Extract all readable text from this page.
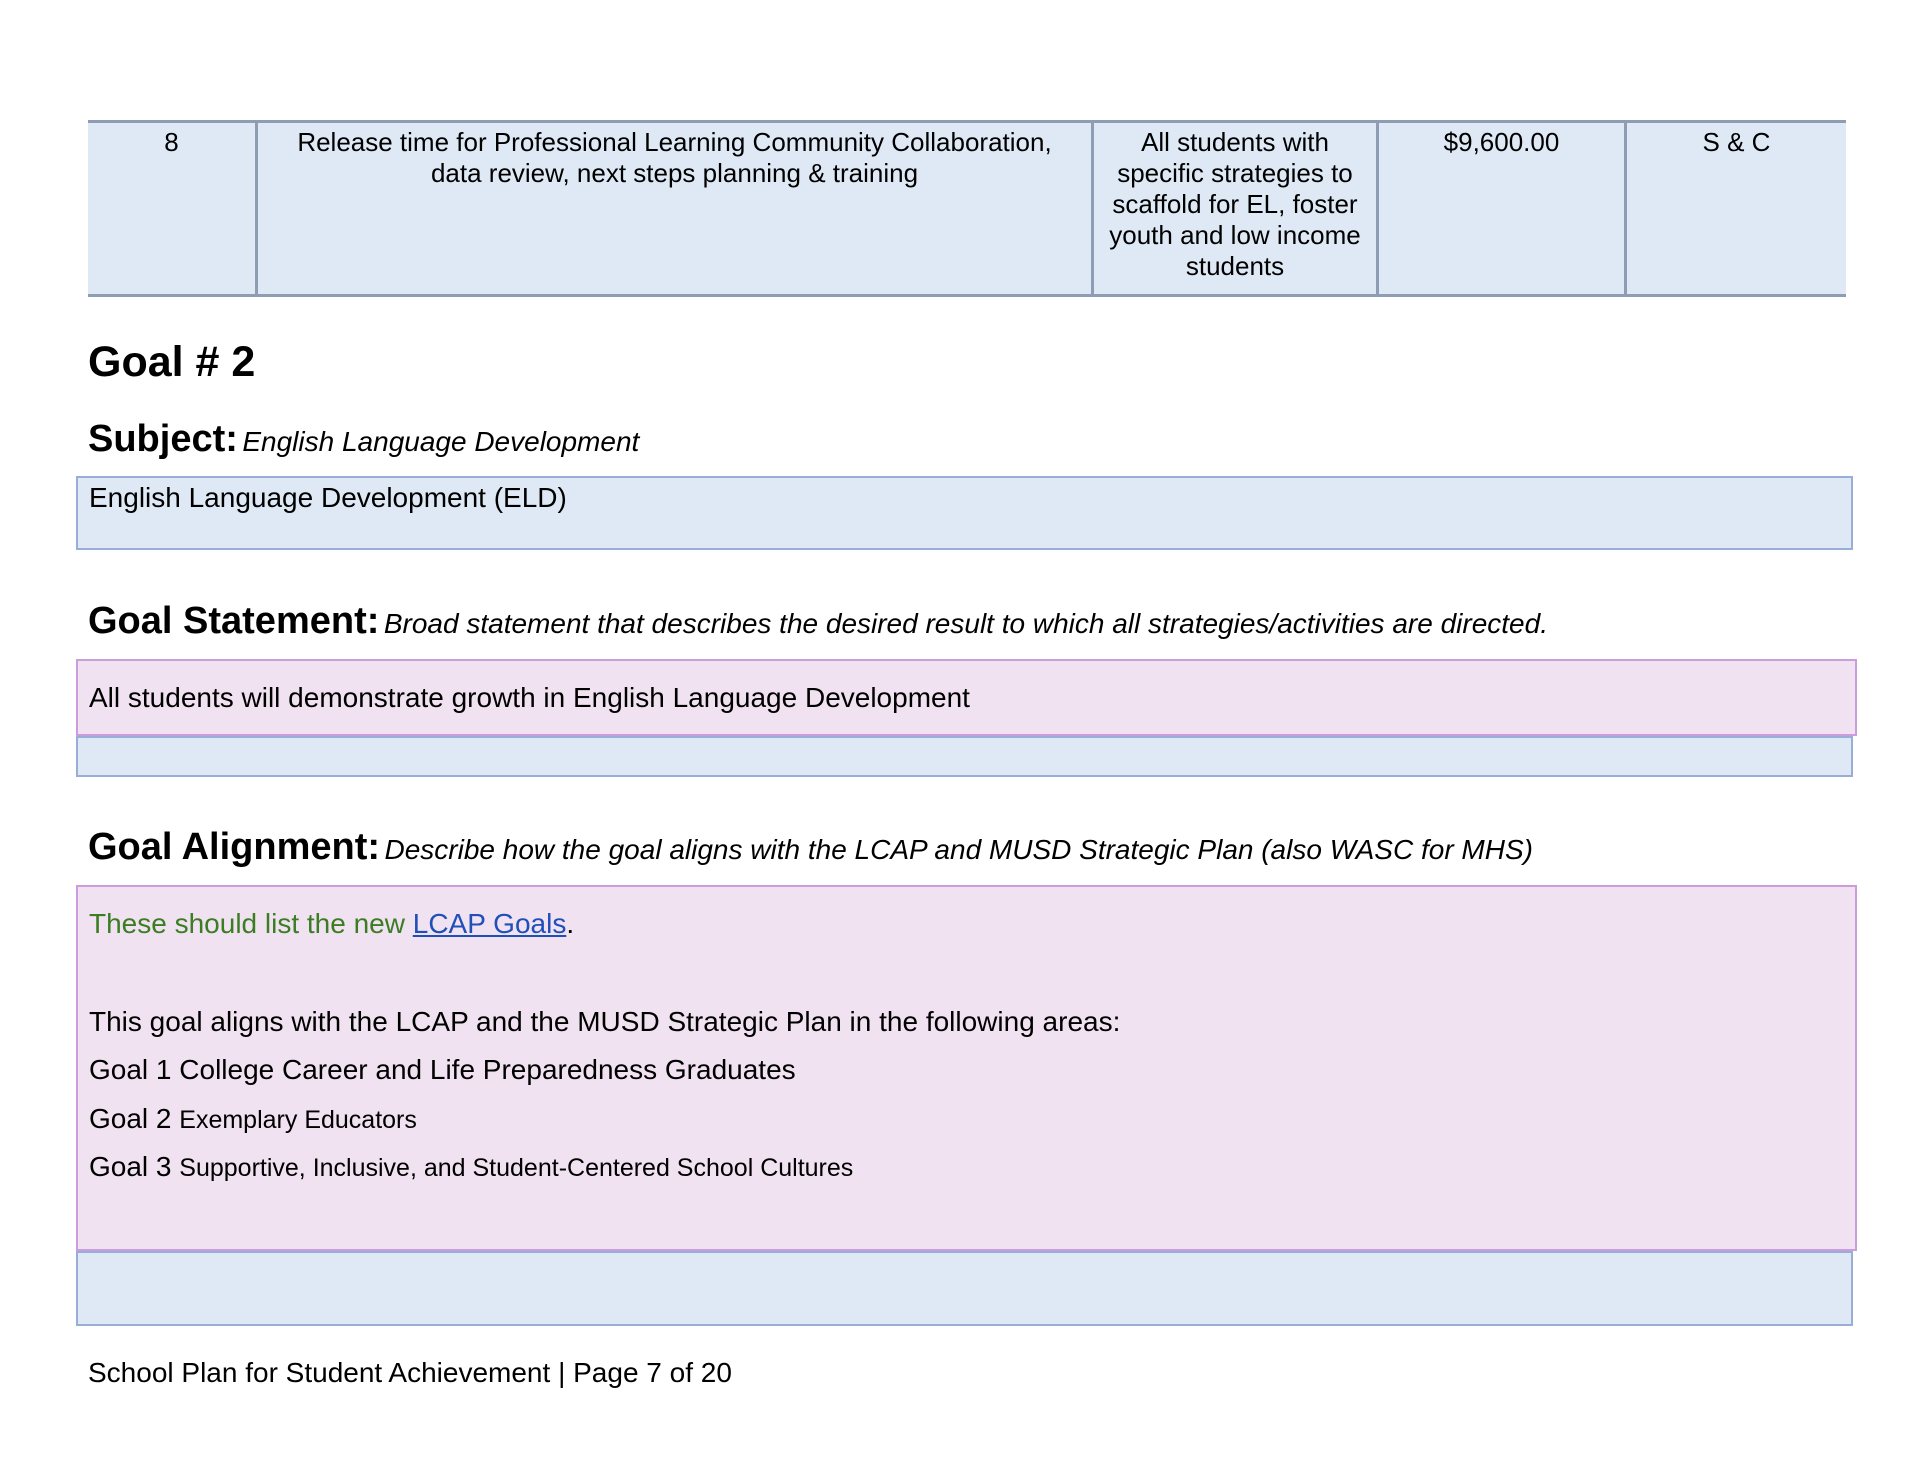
8	Release time for Professional Learning Community Collaboration, data review, next steps planning & training	All students with specific strategies to scaffold for EL, foster youth and low income students	$9,600.00	S & C
Goal # 2
Subject: English Language Development
English Language Development (ELD)
Goal Statement: Broad statement that describes the desired result to which all strategies/activities are directed.
All students will demonstrate growth in English Language Development
Goal Alignment: Describe how the goal aligns with the LCAP and MUSD Strategic Plan (also WASC for MHS)
These should list the new LCAP Goals.
This goal aligns with the LCAP and the MUSD Strategic Plan in the following areas:
Goal 1 College Career and Life Preparedness Graduates
Goal 2 Exemplary Educators
Goal 3 Supportive, Inclusive, and Student-Centered School Cultures
School Plan for Student Achievement | Page 7 of 20
